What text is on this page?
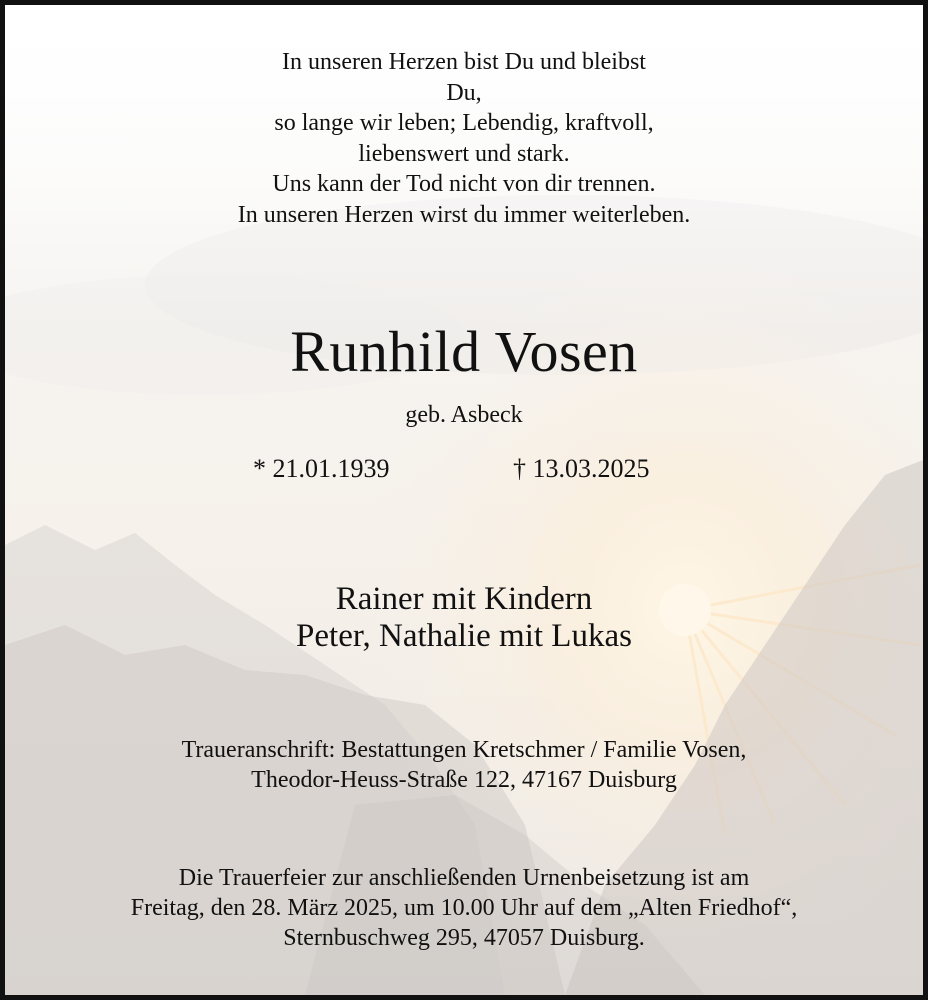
In unseren Herzen bist Du und bleibst
Du,
so lange wir leben; Lebendig, kraftvoll,
liebenswert und stark.
Uns kann der Tod nicht von dir trennen.
In unseren Herzen wirst du immer weiterleben.
Runhild Vosen
geb. Asbeck
* 21.01.1939	† 13.03.2025
Rainer mit Kindern
Peter, Nathalie mit Lukas
Traueranschrift: Bestattungen Kretschmer / Familie Vosen,
Theodor-Heuss-Straße 122, 47167 Duisburg
Die Trauerfeier zur anschließenden Urnenbeisetzung ist am
Freitag, den 28. März 2025, um 10.00 Uhr auf dem „Alten Friedhof“,
Sternbuschweg 295, 47057 Duisburg.
